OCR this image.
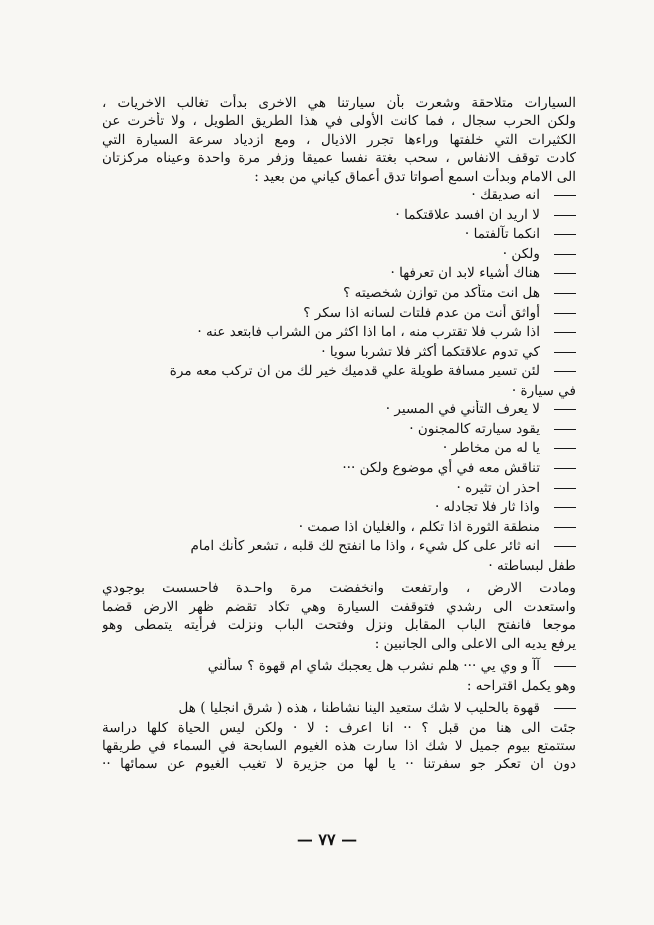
السيارات متلاحقة وشعرت بأن سيارتنا هي الاخرى بدأت تغالب الاخريات ،
ولكن الحرب سجال ، فما كانت الأولى في هذا الطريق الطويل ، ولا تأخرت عن
الكثيرات التي خلفتها وراءها تجرر الاذيال ، ومع ازدياد سرعة السيارة التي
كادت توقف الانفاس ، سحب بغتة نفسا عميقا وزفر مرة واحدة وعيناه مركزتان
الى الامام وبدأت اسمع أصواتا تدق أعماق كياني من بعيد :
انه صديقك ·
لا اريد ان افسد علاقتكما ·
انكما تآلفتما ·
ولكن ·
هناك أشياء لابد ان تعرفها ·
هل انت متأكد من توازن شخصيته ؟
أواثق أنت من عدم فلتات لسانه اذا سكر ؟
اذا شرب فلا تقترب منه ، اما اذا اكثر من الشراب فابتعد عنه ·
كي تدوم علاقتكما أكثر فلا تشربا سويا ·
لئن تسير مسافة طويلة علي قدميك خير لك من ان تركب معه مرة
في سيارة ·
لا يعرف التأني في المسير ·
يقود سيارته كالمجنون ·
يا له من مخاطر ·
تناقش معه في أي موضوع ولكن ···
احذر ان تثيره ·
واذا ثار فلا تجادله ·
منطقة الثورة اذا تكلم ، والغليان اذا صمت ·
انه ثائر على كل شيء ، واذا ما انفتح لك قلبه ، تشعر كأنك امام
طفل لبساطته ·
ومادت الارض ، وارتفعت وانخفضت مرة واحـدة فاحسست بوجودي
واستعدت الى رشدي فتوقفت السيارة وهي تكاد تقضم ظهر الارض قضما
موجعا فانفتح الباب المقابل ونزل وفتحت الباب ونزلت فرأيته يتمطى وهو
يرفع يديه الى الاعلى والى الجانبين :
آآ و وي يي ··· هلم نشرب هل يعجبك شاي ام قهوة ؟ سألني
وهو يكمل اقتراحه :
قهوة بالحليب لا شك ستعيد الينا نشاطنا ، هذه ( شرق انجليا ) هل
جئت الى هنا من قبل ؟ ·· انا اعرف : لا · ولكن ليس الحياة كلها دراسة
ستتمتع بيوم جميل لا شك اذا سارت هذه الغيوم السابحة في السماء في طريقها
دون ان تعكر جو سفرتنا ·· يا لها من جزيرة لا تغيب الغيوم عن سمائها ··
— ٧٧ —
